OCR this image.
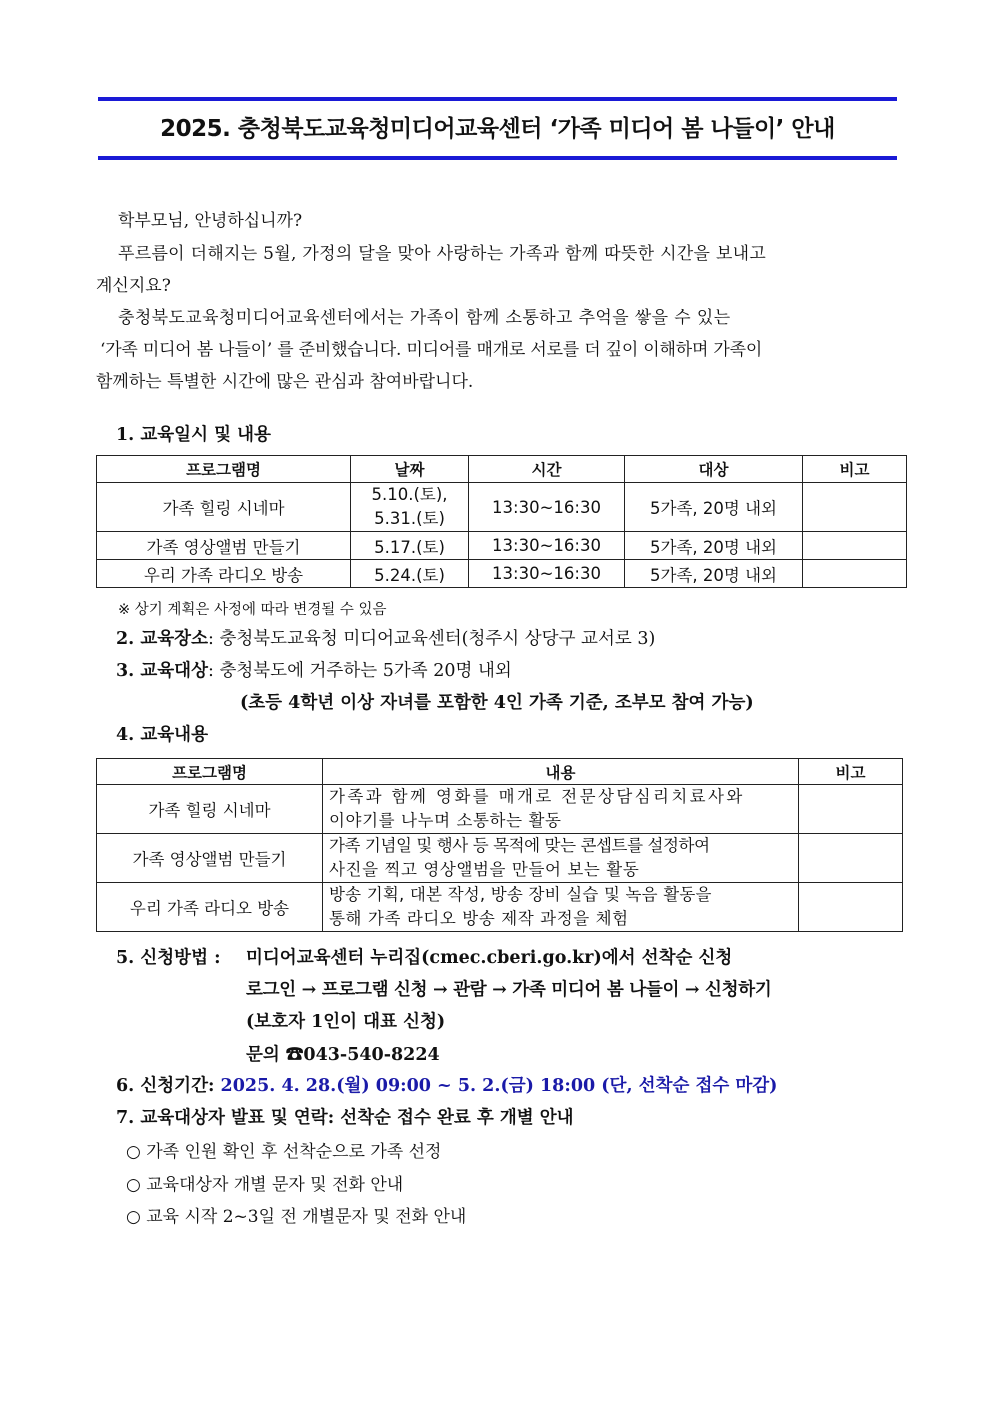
2025. 충청북도교육청미디어교육센터 ‘가족 미디어 봄 나들이’ 안내
학부모님, 안녕하십니까?
푸르름이 더해지는 5월, 가정의 달을 맞아 사랑하는 가족과 함께 따뜻한 시간을 보내고
계신지요?
충청북도교육청미디어교육센터에서는 가족이 함께 소통하고 추억을 쌓을 수 있는
‘가족 미디어 봄 나들이’ 를 준비했습니다. 미디어를 매개로 서로를 더 깊이 이해하며 가족이
함께하는 특별한 시간에 많은 관심과 참여바랍니다.
1. 교육일시 및 내용
프로그램명	날짜	시간	대상	비고
가족 힐링 시네마	5.10.(토),
5.31.(토)	13:30~16:30	5가족, 20명 내외	
가족 영상앨범 만들기	5.17.(토)	13:30~16:30	5가족, 20명 내외	
우리 가족 라디오 방송	5.24.(토)	13:30~16:30	5가족, 20명 내외	
※ 상기 계획은 사정에 따라 변경될 수 있음
2. 교육장소: 충청북도교육청 미디어교육센터(청주시 상당구 교서로 3)
3. 교육대상: 충청북도에 거주하는 5가족 20명 내외
(초등 4학년 이상 자녀를 포함한 4인 가족 기준, 조부모 참여 가능)
4. 교육내용
프로그램명	내용	비고
가족 힐링 시네마	가족과 함께 영화를 매개로 전문상담심리치료사와
이야기를 나누며 소통하는 활동	

가족 영상앨범 만들기	가족 기념일 및 행사 등 목적에 맞는 콘셉트를 설정하여
사진을 찍고 영상앨범을 만들어 보는 활동	

우리 가족 라디오 방송	방송 기획, 대본 작성, 방송 장비 실습 및 녹음 활동을
통해 가족 라디오 방송 제작 과정을 체험	

5. 신청방법 : 미디어교육센터 누리집(cmec.cberi.go.kr)에서 선착순 신청
로그인 → 프로그램 신청 → 관람 → 가족 미디어 봄 나들이 → 신청하기
(보호자 1인이 대표 신청)
문의 ☎043-540-8224
6. 신청기간: 2025. 4. 28.(월) 09:00 ~ 5. 2.(금) 18:00 (단, 선착순 접수 마감)
7. 교육대상자 발표 및 연락: 선착순 접수 완료 후 개별 안내
○ 가족 인원 확인 후 선착순으로 가족 선정
○ 교육대상자 개별 문자 및 전화 안내
○ 교육 시작 2~3일 전 개별문자 및 전화 안내
